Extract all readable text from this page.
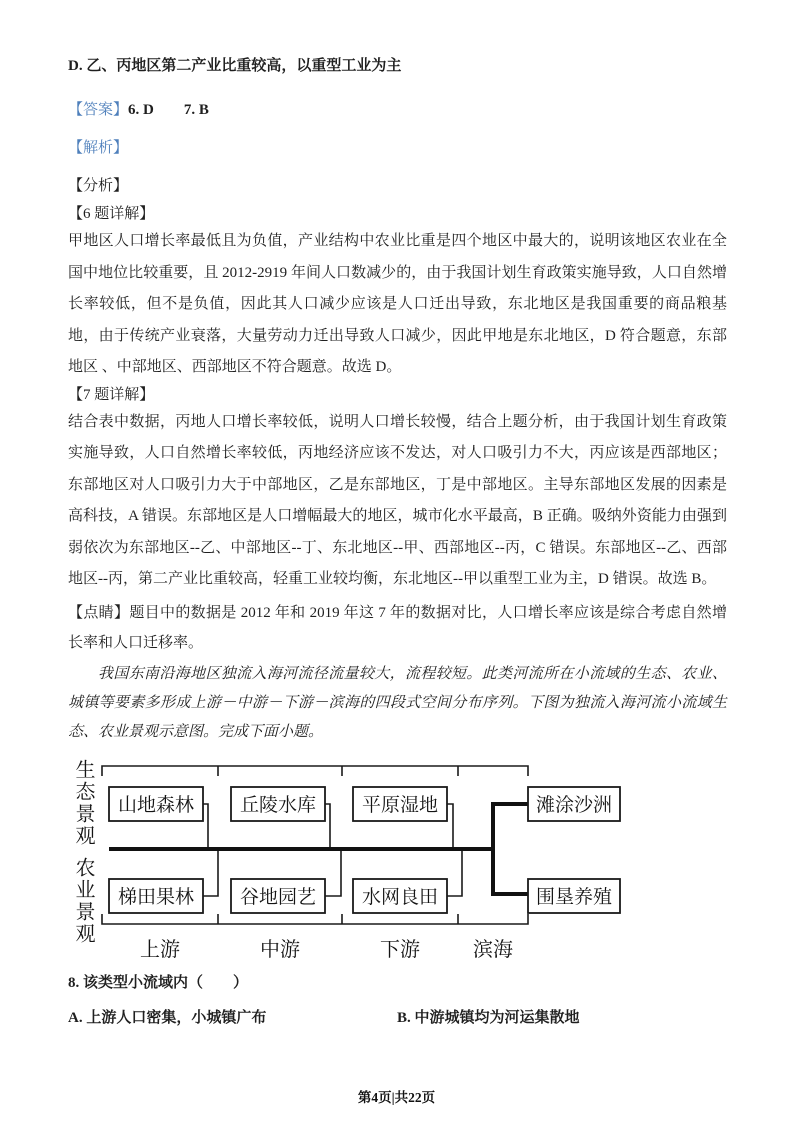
D. 乙、丙地区第二产业比重较高，以重型工业为主

【答案】6. D　　7. B

【解析】

【分析】

【6 题详解】

甲地区人口增长率最低且为负值，产业结构中农业比重是四个地区中最大的，说明该地区农业在全国中地位比较重要，且 2012-2919 年间人口数减少的，由于我国计划生育政策实施导致，人口自然增长率较低，但不是负值，因此其人口减少应该是人口迁出导致，东北地区是我国重要的商品粮基地，由于传统产业衰落，大量劳动力迁出导致人口减少，因此甲地是东北地区，D 符合题意，东部地区 、中部地区、西部地区不符合题意。故选 D。

【7 题详解】

结合表中数据，丙地人口增长率较低，说明人口增长较慢，结合上题分析，由于我国计划生育政策实施导致，人口自然增长率较低，丙地经济应该不发达，对人口吸引力不大，丙应该是西部地区；东部地区对人口吸引力大于中部地区，乙是东部地区，丁是中部地区。主导东部地区发展的因素是高科技，A 错误。东部地区是人口增幅最大的地区，城市化水平最高，B 正确。吸纳外资能力由强到弱依次为东部地区--乙、中部地区--丁、东北地区--甲、西部地区--丙，C 错误。东部地区--乙、西部地区--丙，第二产业比重较高，轻重工业较均衡，东北地区--甲以重型工业为主，D 错误。故选 B。

【点睛】题目中的数据是 2012 年和 2019 年这 7 年的数据对比，人口增长率应该是综合考虑自然增长率和人口迁移率。

我国东南沿海地区独流入海河流径流量较大，流程较短。此类河流所在小流域的生态、农业、城镇等要素多形成上游－中游－下游－滨海的四段式空间分布序列。下图为独流入海河流小流域生态、农业景观示意图。完成下面小题。

生态景观
农业景观
山地森林 丘陵水库 平原湿地	滩涂沙洲
梯田果林 谷地园艺 水网良田	围垦养殖
上游	中游	下游	滨海

8. 该类型小流域内（　　）

A. 上游人口密集，小城镇广布	B. 中游城镇均为河运集散地
第4页|共22页
